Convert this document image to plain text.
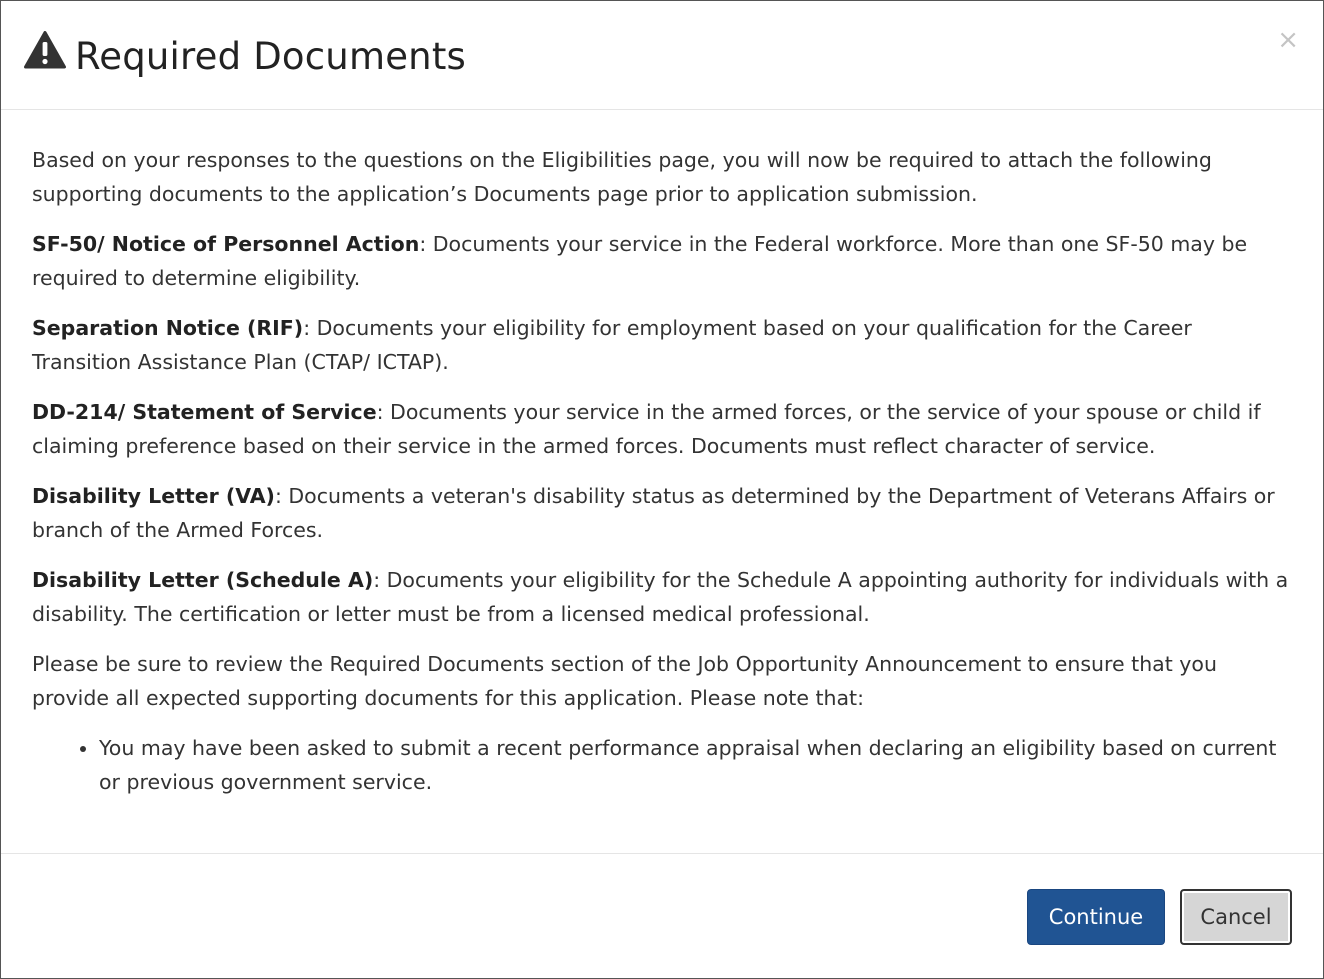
Required Documents	×

Based on your responses to the questions on the Eligibilities page, you will now be required to attach the following supporting documents to the application’s Documents page prior to application submission.

SF-50/ Notice of Personnel Action: Documents your service in the Federal workforce. More than one SF-50 may be required to determine eligibility.

Separation Notice (RIF): Documents your eligibility for employment based on your qualification for the Career Transition Assistance Plan (CTAP/ ICTAP).

DD-214/ Statement of Service: Documents your service in the armed forces, or the service of your spouse or child if claiming preference based on their service in the armed forces. Documents must reflect character of service.

Disability Letter (VA): Documents a veteran's disability status as determined by the Department of Veterans Affairs or branch of the Armed Forces.

Disability Letter (Schedule A): Documents your eligibility for the Schedule A appointing authority for individuals with a disability. The certification or letter must be from a licensed medical professional.

Please be sure to review the Required Documents section of the Job Opportunity Announcement to ensure that you provide all expected supporting documents for this application. Please note that:

• You may have been asked to submit a recent performance appraisal when declaring an eligibility based on current or previous government service.
Continue	Cancel
